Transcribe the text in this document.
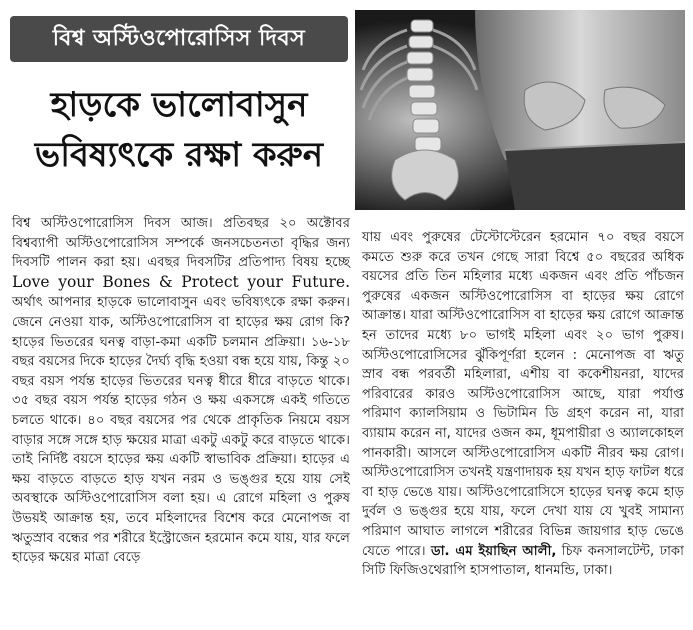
বিশ্ব অস্টিওপোরোসিস দিবস
হাড়কে ভালোবাসুন
ভবিষ্যৎকে রক্ষা করুন

বিশ্ব অস্টিওপোরোসিস দিবস আজ। প্রতিবছর ২০ অক্টোবর বিশ্বব্যাপী অস্টিওপোরোসিস সম্পর্কে জনসচেতনতা বৃদ্ধির জন্য দিবসটি পালন করা হয়। এবছর দিবসটির প্রতিপাদ্য বিষয় হচ্ছে Love your Bones & Protect your Future. অর্থাৎ আপনার হাড়কে ভালোবাসুন এবং ভবিষ্যৎকে রক্ষা করুন। জেনে নেওয়া যাক, অস্টিওপোরোসিস বা হাড়ের ক্ষয় রোগ কি? হাড়ের ভিতরের ঘনত্ব বাড়া-কমা একটি চলমান প্রক্রিয়া। ১৬-১৮ বছর বয়সের দিকে হাড়ের দৈর্ঘ্য বৃদ্ধি হওয়া বন্ধ হয়ে যায়, কিন্তু ২০ বছর বয়স পর্যন্ত হাড়ের ভিতরের ঘনত্ব ধীরে ধীরে বাড়তে থাকে। ৩৫ বছর বয়স পর্যন্ত হাড়ের গঠন ও ক্ষয় একসঙ্গে একই গতিতে চলতে থাকে। ৪০ বছর বয়সের পর থেকে প্রাকৃতিক নিয়মে বয়স বাড়ার সঙ্গে সঙ্গে হাড় ক্ষয়ের মাত্রা একটু একটু করে বাড়তে থাকে। তাই নির্দিষ্ট বয়সে হাড়ের ক্ষয় একটি স্বাভাবিক প্রক্রিয়া। হাড়ের এ ক্ষয় বাড়তে বাড়তে হাড় যখন নরম ও ভঙ্গুর হয়ে যায় সেই অবস্থাকে অস্টিওপোরোসিস বলা হয়। এ রোগে মহিলা ও পুরুষ উভয়ই আক্রান্ত হয়, তবে মহিলাদের বিশেষ করে মেনোপজ বা ঋতুস্রাব বন্ধের পর শরীরে ইস্ট্রোজেন হরমোন কমে যায়, যার ফলে হাড়ের ক্ষয়ের মাত্রা বেড়ে

যায় এবং পুরুষের টেস্টোস্টেরেন হরমোন ৭০ বছর বয়সে কমতে শুরু করে তখন গেছে সারা বিশ্বে ৫০ বছরের অধিক বয়সের প্রতি তিন মহিলার মধ্যে একজন এবং প্রতি পাঁচজন পুরুষের একজন অস্টিওপোরোসিস বা হাড়ের ক্ষয় রোগে আক্রান্ত। যারা অস্টিওপোরোসিস বা হাড়ের ক্ষয় রোগে আক্রান্ত হন তাদের মধ্যে ৮০ ভাগই মহিলা এবং ২০ ভাগ পুরুষ। অস্টিওপোরোসিসের ঝুঁকিপূর্ণরা হলেন : মেনোপজ বা ঋতু স্রাব বন্ধ পরবর্তী মহিলারা, এশীয় বা ককেশীয়নরা, যাদের পরিবারের কারও অস্টিওপোরোসিস আছে, যারা পর্যাপ্ত পরিমাণ ক্যালসিয়াম ও ভিটামিন ডি গ্রহণ করেন না, যারা ব্যায়াম করেন না, যাদের ওজন কম, ধূমপায়ীরা ও অ্যালকোহল পানকারী। আসলে অস্টিওপোরোসিস একটি নীরব ক্ষয় রোগ। অস্টিওপোরোসিস তখনই যন্ত্রণাদায়ক হয় যখন হাড় ফাটল ধরে বা হাড় ভেঙে যায়। অস্টিওপোরোসিসে হাড়ের ঘনত্ব কমে হাড় দুর্বল ও ভঙ্গুর হয়ে যায়, ফলে দেখা যায় যে খুবই সামান্য পরিমাণ আঘাত লাগলে শরীরের বিভিন্ন জায়গার হাড় ভেঙে যেতে পারে। ডা. এম ইয়াছিন আলী, চিফ কনসালটেন্ট, ঢাকা সিটি ফিজিওথেরাপি হাসপাতাল, ধানমন্ডি, ঢাকা।
